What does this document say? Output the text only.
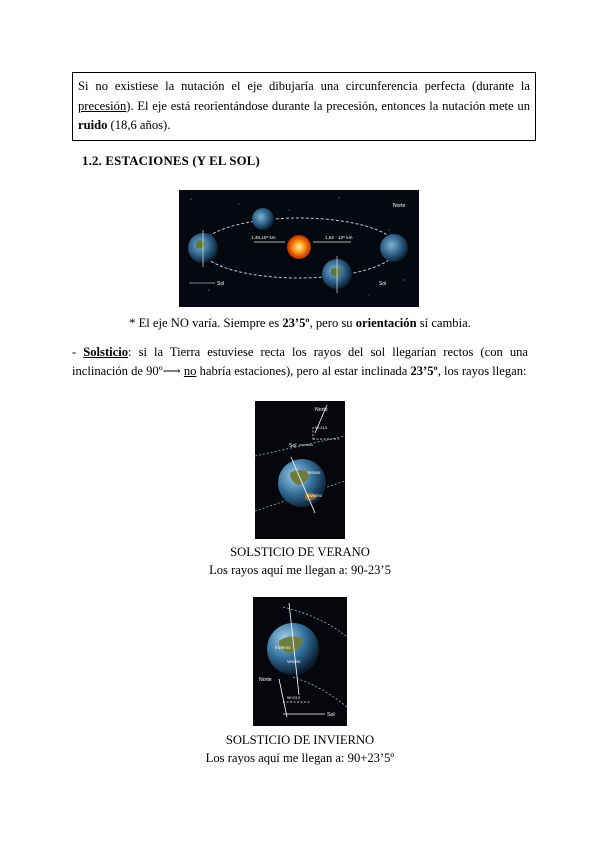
Si no existiese la nutación el eje dibujaría una circunferencia perfecta (durante la precesión). El eje está reorientándose durante la precesión, entonces la nutación mete un ruido (18,6 años).
1.2. ESTACIONES (Y EL SOL)
1,48,10⁶ km	1,52 · 10⁶ km
Sol	Sol
Norte
* El eje NO varía. Siempre es 23’5º, pero su orientación sí cambia.
- Solsticio: si la Tierra estuviese recta los rayos del sol llegarían rectos (con una inclinación de 90º⟶ no habría estaciones), pero al estar inclinada 23’5º, los rayos llegan:
Norte
Sol
90-23,5
Verano
Invierno
SOLSTICIO DE VERANO
Los rayos aquí me llegan a: 90-23’5
Norte
Sol
90+23,5
Invierno
Verano
SOLSTICIO DE INVIERNO
Los rayos aquí me llegan a: 90+23’5º
